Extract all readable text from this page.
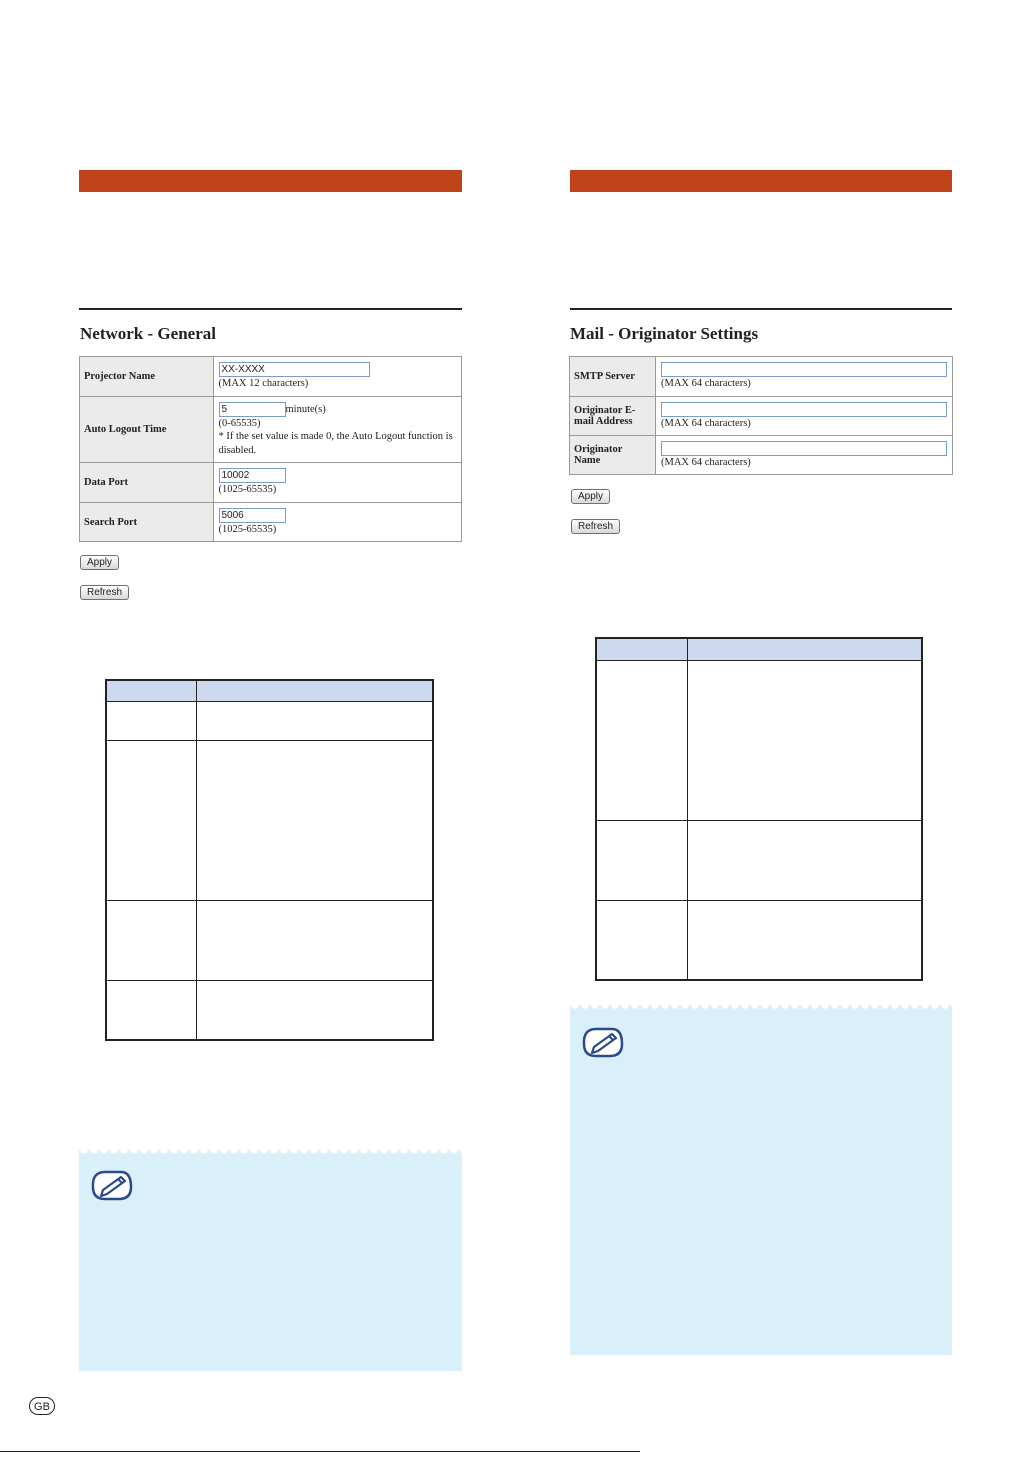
Network - General
Projector Name	XX-XXXX
(MAX 12 characters)
Auto Logout Time	5 minute(s)
(0-65535)
* If the set value is made 0, the Auto Logout function is disabled.
Data Port	10002
(1025-65535)
Search Port	5006
(1025-65535)
Apply
Refresh

Mail - Originator Settings
SMTP Server	(MAX 64 characters)
Originator E-mail Address	(MAX 64 characters)
Originator Name	(MAX 64 characters)
Apply
Refresh

GB
